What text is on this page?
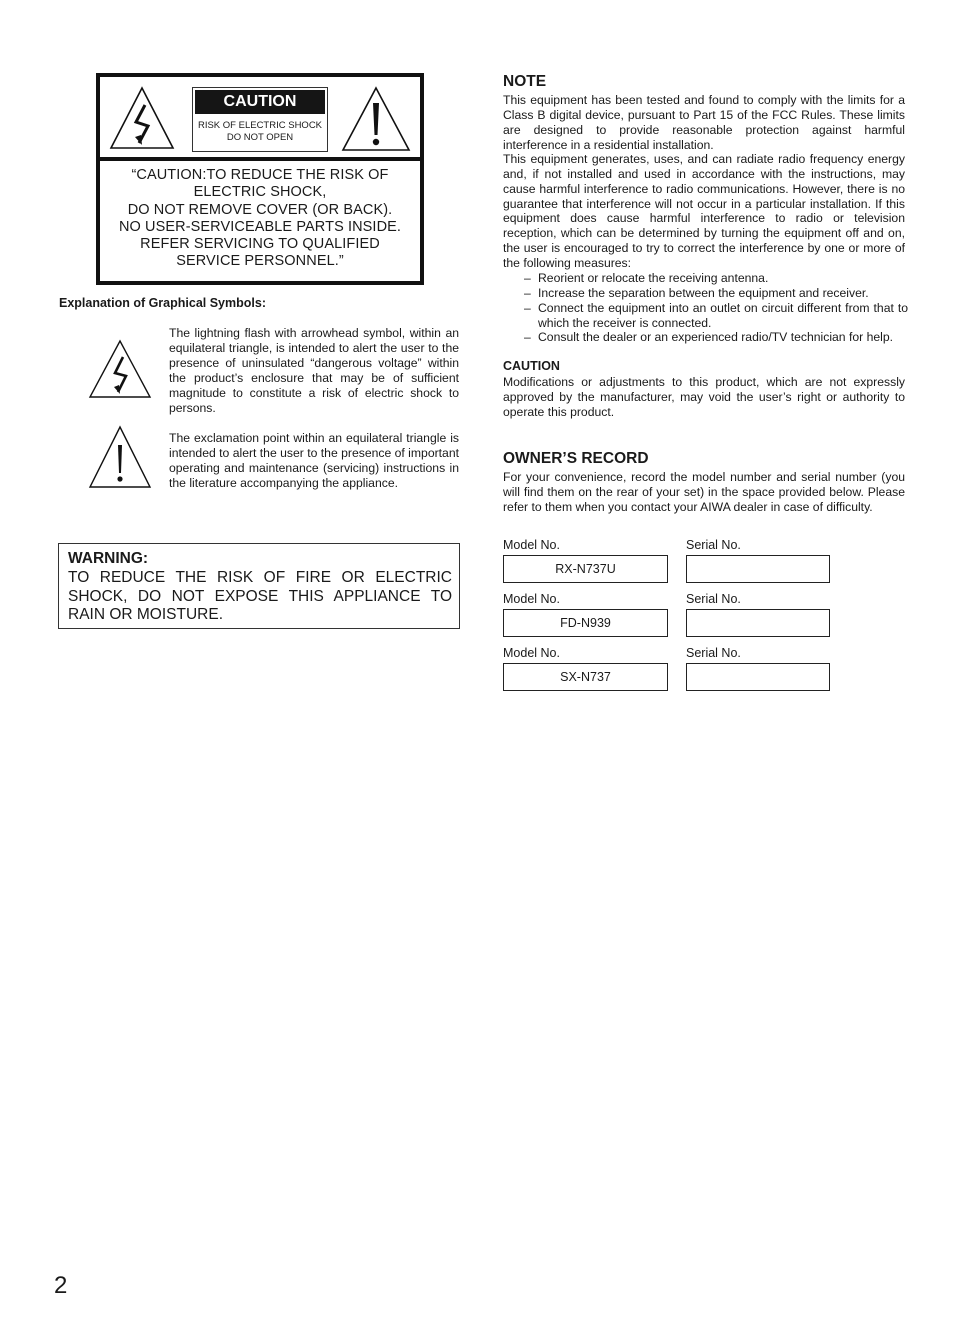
CAUTION
RISK OF ELECTRIC SHOCK
DO NOT OPEN
“CAUTION:TO REDUCE THE RISK OF
ELECTRIC SHOCK,
DO NOT REMOVE COVER (OR BACK).
NO USER-SERVICEABLE PARTS INSIDE.
REFER SERVICING TO QUALIFIED
SERVICE PERSONNEL.”
Explanation of Graphical Symbols:
The lightning flash with arrowhead symbol, within an equilateral triangle, is intended to alert the user to the presence of uninsulated “dangerous voltage” within the product’s enclosure that may be of sufficient magnitude to constitute a risk of electric shock to persons.
The exclamation point within an equilateral triangle is intended to alert the user to the presence of important operating and maintenance (servicing) instructions in the literature accompanying the appliance.
WARNING:
TO REDUCE THE RISK OF FIRE OR ELECTRIC SHOCK, DO NOT EXPOSE THIS APPLIANCE TO RAIN OR MOISTURE.
NOTE
This equipment has been tested and found to comply with the limits for a Class B digital device, pursuant to Part 15 of the FCC Rules. These limits are designed to provide reasonable protection against harmful interference in a residential installation.
This equipment generates, uses, and can radiate radio frequency energy and, if not installed and used in accordance with the instructions, may cause harmful interference to radio communications. However, there is no guarantee that interference will not occur in a particular installation. If this equipment does cause harmful interference to radio or television reception, which can be determined by turning the equipment off and on, the user is encouraged to try to correct the interference by one or more of the following measures:
– Reorient or relocate the receiving antenna.
– Increase the separation between the equipment and receiver.
– Connect the equipment into an outlet on circuit different from that to which the receiver is connected.
– Consult the dealer or an experienced radio/TV technician for help.
CAUTION
Modifications or adjustments to this product, which are not expressly approved by the manufacturer, may void the user’s right or authority to operate this product.
OWNER’S RECORD
For your convenience, record the model number and serial number (you will find them on the rear of your set) in the space provided below. Please refer to them when you contact your AIWA dealer in case of difficulty.
Model No.	Serial No.
RX-N737U
Model No.	Serial No.
FD-N939
Model No.	Serial No.
SX-N737
2
